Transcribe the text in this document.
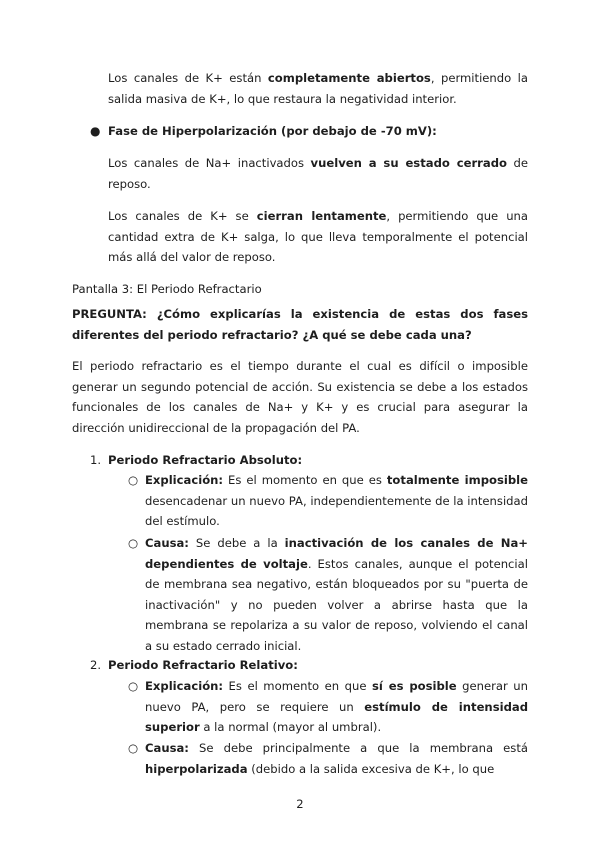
Los canales de K+ están completamente abiertos, permitiendo la salida masiva de K+, lo que restaura la negatividad interior.

● Fase de Hiperpolarización (por debajo de -70 mV):

Los canales de Na+ inactivados vuelven a su estado cerrado de reposo.

Los canales de K+ se cierran lentamente, permitiendo que una cantidad extra de K+ salga, lo que lleva temporalmente el potencial más allá del valor de reposo.

Pantalla 3: El Periodo Refractario

PREGUNTA: ¿Cómo explicarías la existencia de estas dos fases diferentes del periodo refractario? ¿A qué se debe cada una?

El periodo refractario es el tiempo durante el cual es difícil o imposible generar un segundo potencial de acción. Su existencia se debe a los estados funcionales de los canales de Na+ y K+ y es crucial para asegurar la dirección unidireccional de la propagación del PA.

1. Periodo Refractario Absoluto:

○ Explicación: Es el momento en que es totalmente imposible desencadenar un nuevo PA, independientemente de la intensidad del estímulo.

○ Causa: Se debe a la inactivación de los canales de Na+ dependientes de voltaje. Estos canales, aunque el potencial de membrana sea negativo, están bloqueados por su "puerta de inactivación" y no pueden volver a abrirse hasta que la membrana se repolariza a su valor de reposo, volviendo el canal a su estado cerrado inicial.

2. Periodo Refractario Relativo:

○ Explicación: Es el momento en que sí es posible generar un nuevo PA, pero se requiere un estímulo de intensidad superior a la normal (mayor al umbral).

○ Causa: Se debe principalmente a que la membrana está hiperpolarizada (debido a la salida excesiva de K+, lo que

2
